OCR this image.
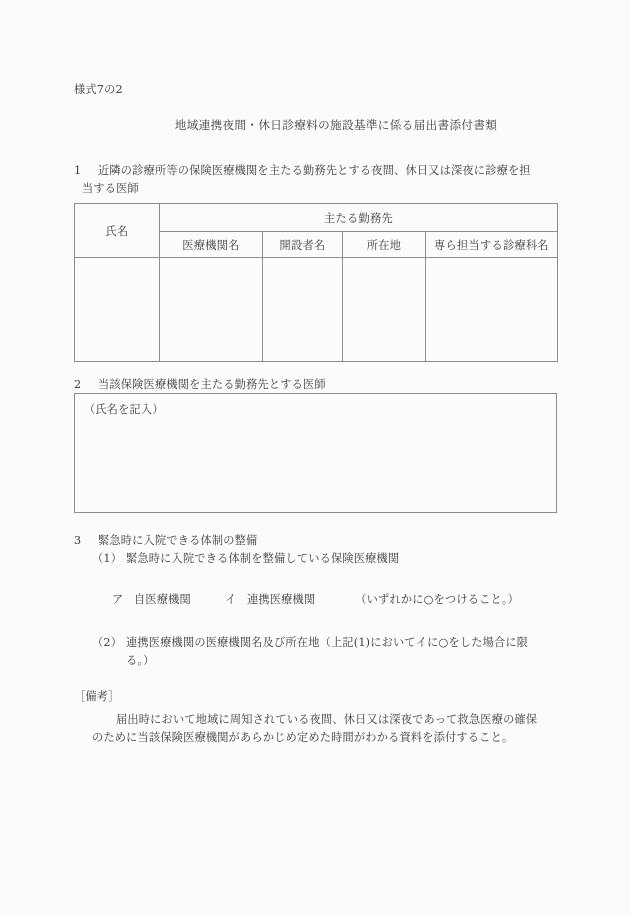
様式7の2
地域連携夜間・休日診療料の施設基準に係る届出書添付書類
1	近隣の診療所等の保険医療機関を主たる勤務先とする夜間、休日又は深夜に診療を担
当する医師
氏名	主たる勤務先			
	医療機関名	開設者名	所在地	専ら担当する診療科名

2	当該保険医療機関を主たる勤務先とする医師
（氏名を記入）
3	緊急時に入院できる体制の整備
（1） 緊急時に入院できる体制を整備している保険医療機関
ア 自医療機関	イ 連携医療機関	（いずれかに○をつけること。）
（2） 連携医療機関の医療機関名及び所在地（上記(1)においてイに○をした場合に限
る。）
［備考］
届出時において地域に周知されている夜間、休日又は深夜であって救急医療の確保
のために当該保険医療機関があらかじめ定めた時間がわかる資料を添付すること。
